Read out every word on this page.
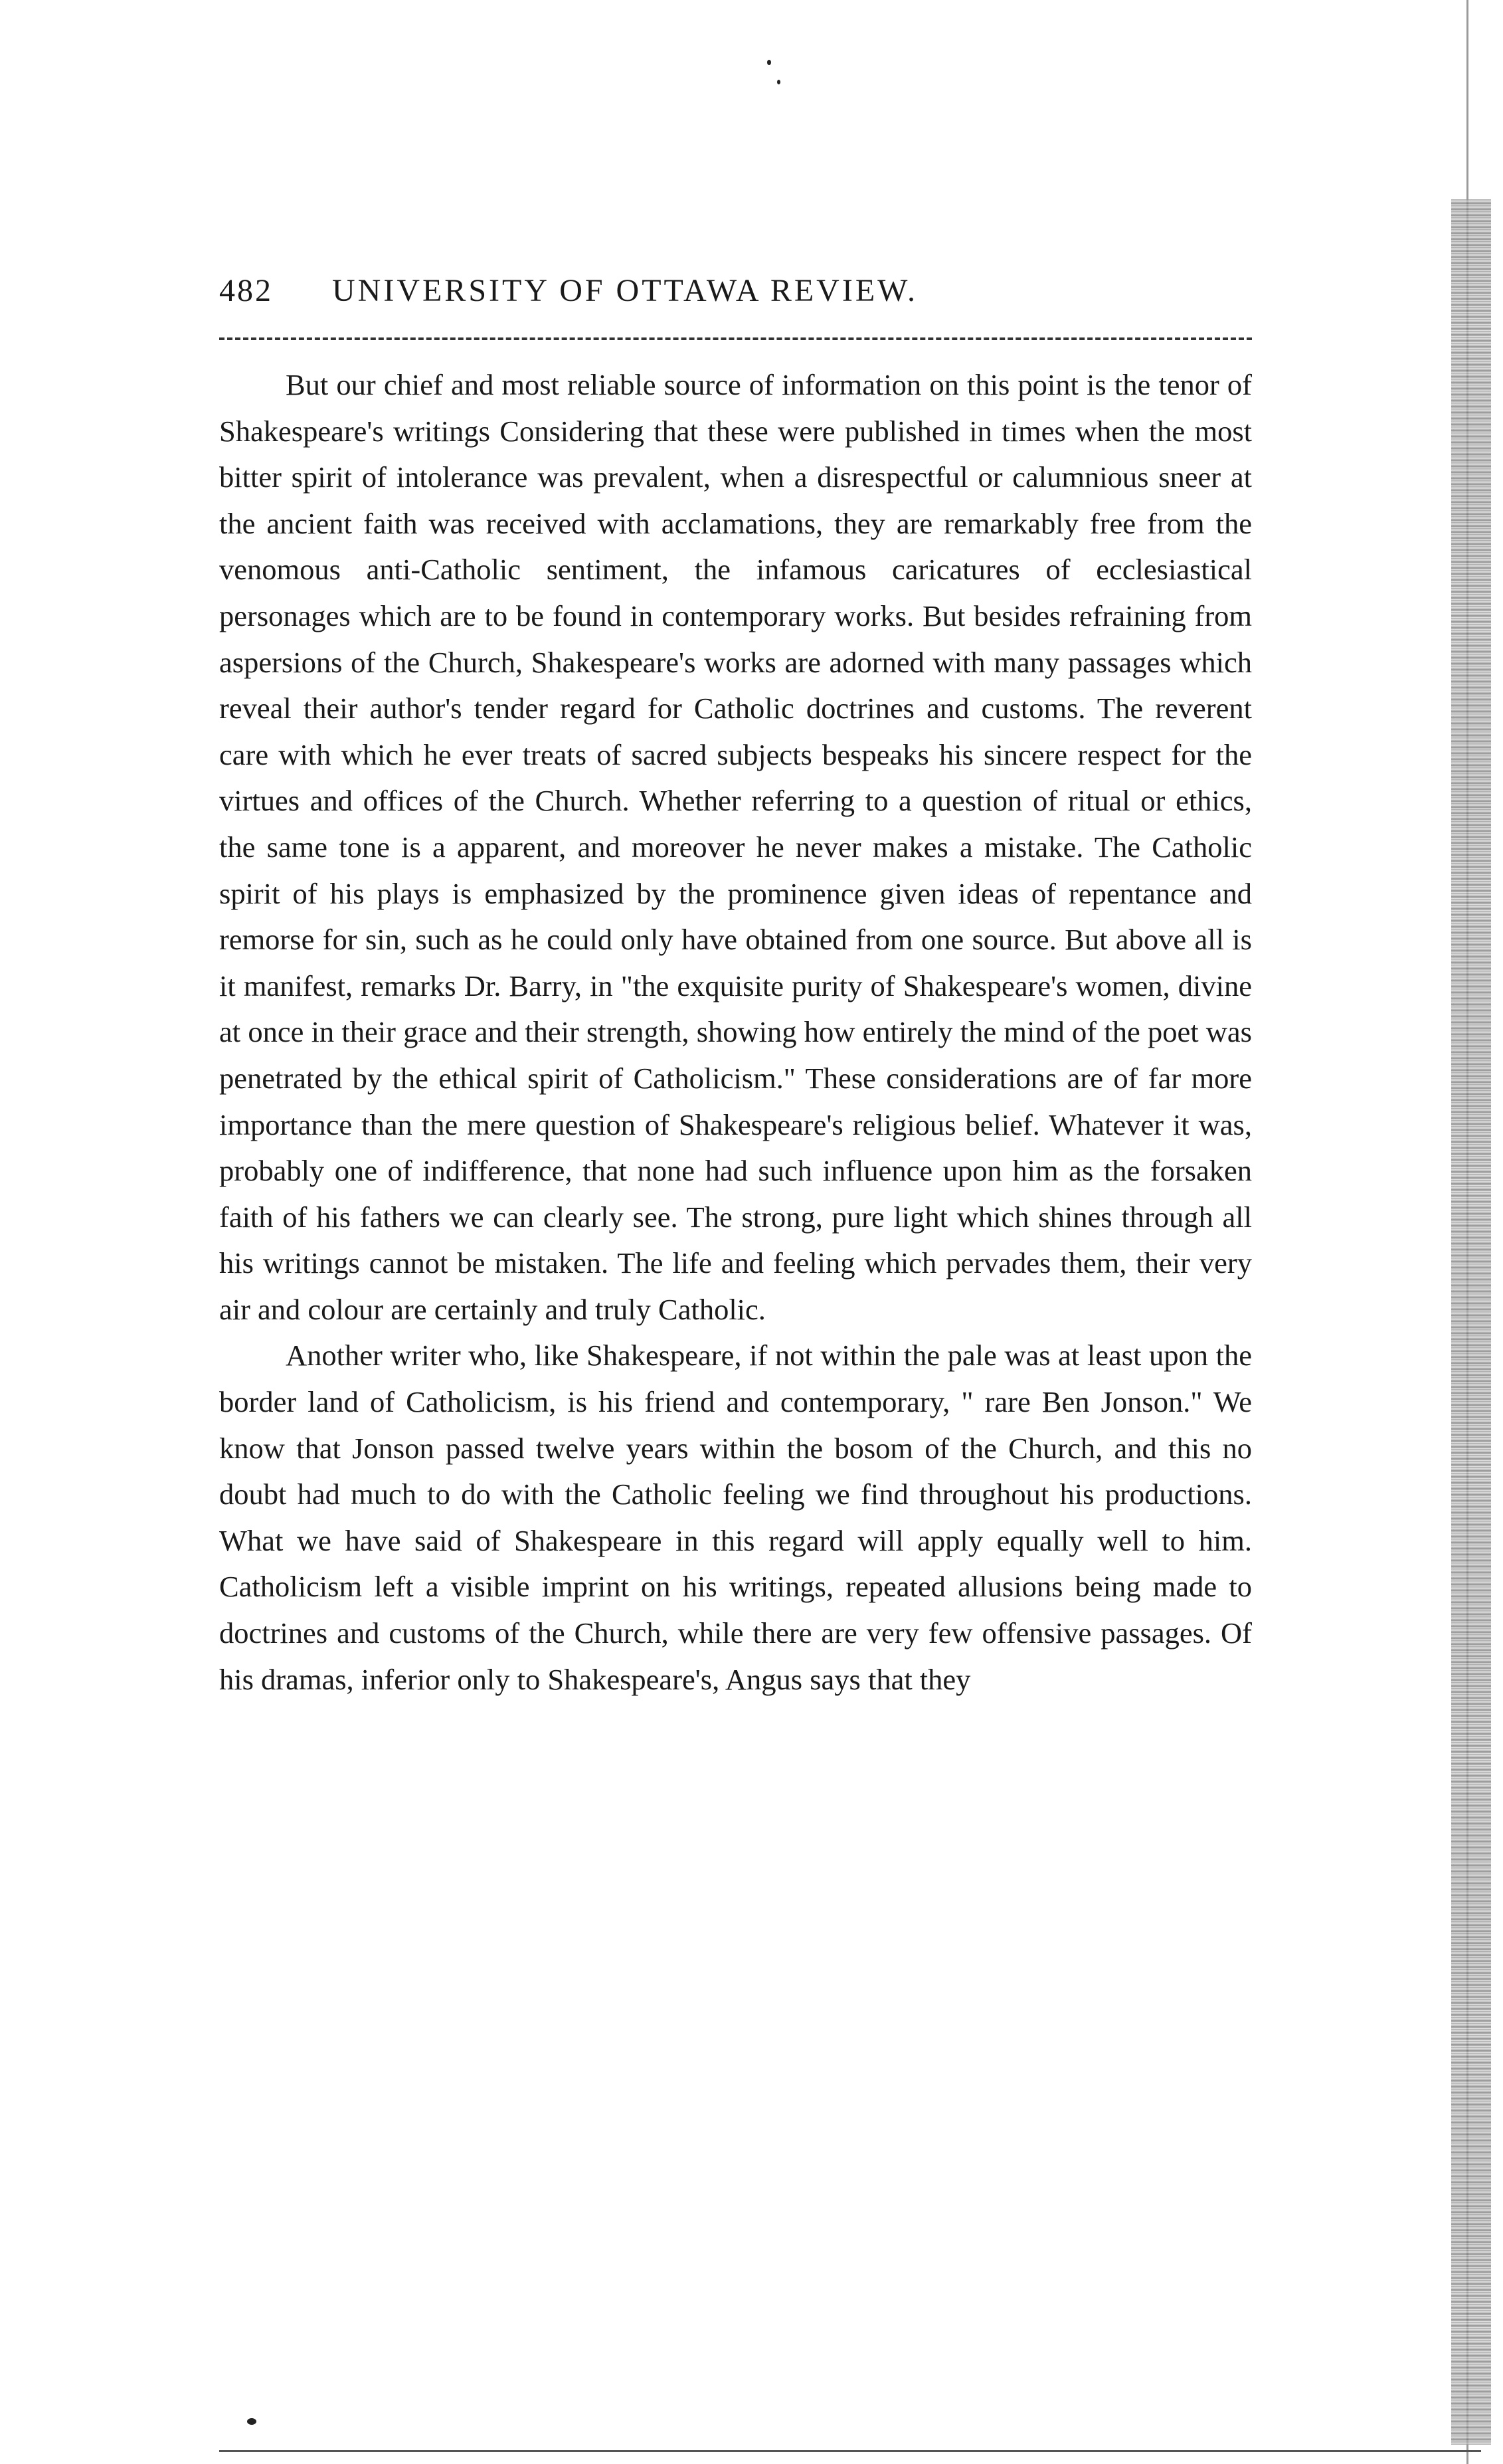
482 UNIVERSITY OF OTTAWA REVIEW.

But our chief and most reliable source of information on this point is the tenor of Shakespeare's writings Considering that these were published in times when the most bitter spirit of intolerance was prevalent, when a disrespectful or calumnious sneer at the ancient faith was received with acclamations, they are remarkably free from the venomous anti-Catholic sentiment, the infamous caricatures of ecclesiastical personages which are to be found in contemporary works. But besides refraining from aspersions of the Church, Shakespeare's works are adorned with many passages which reveal their author's tender regard for Catholic doctrines and customs. The reverent care with which he ever treats of sacred subjects bespeaks his sincere respect for the virtues and offices of the Church. Whether referring to a question of ritual or ethics, the same tone is a apparent, and moreover he never makes a mistake. The Catholic spirit of his plays is emphasized by the prominence given ideas of repentance and remorse for sin, such as he could only have obtained from one source. But above all is it manifest, remarks Dr. Barry, in "the exquisite purity of Shakespeare's women, divine at once in their grace and their strength, showing how entirely the mind of the poet was penetrated by the ethical spirit of Catholicism." These considerations are of far more importance than the mere question of Shakespeare's religious belief. Whatever it was, probably one of indifference, that none had such influence upon him as the forsaken faith of his fathers we can clearly see. The strong, pure light which shines through all his writings cannot be mistaken. The life and feeling which pervades them, their very air and colour are certainly and truly Catholic.

Another writer who, like Shakespeare, if not within the pale was at least upon the border land of Catholicism, is his friend and contemporary, " rare Ben Jonson." We know that Jonson passed twelve years within the bosom of the Church, and this no doubt had much to do with the Catholic feeling we find throughout his productions. What we have said of Shakespeare in this regard will apply equally well to him. Catholicism left a visible imprint on his writings, repeated allusions being made to doctrines and customs of the Church, while there are very few offensive passages. Of his dramas, inferior only to Shakespeare's, Angus says that they
